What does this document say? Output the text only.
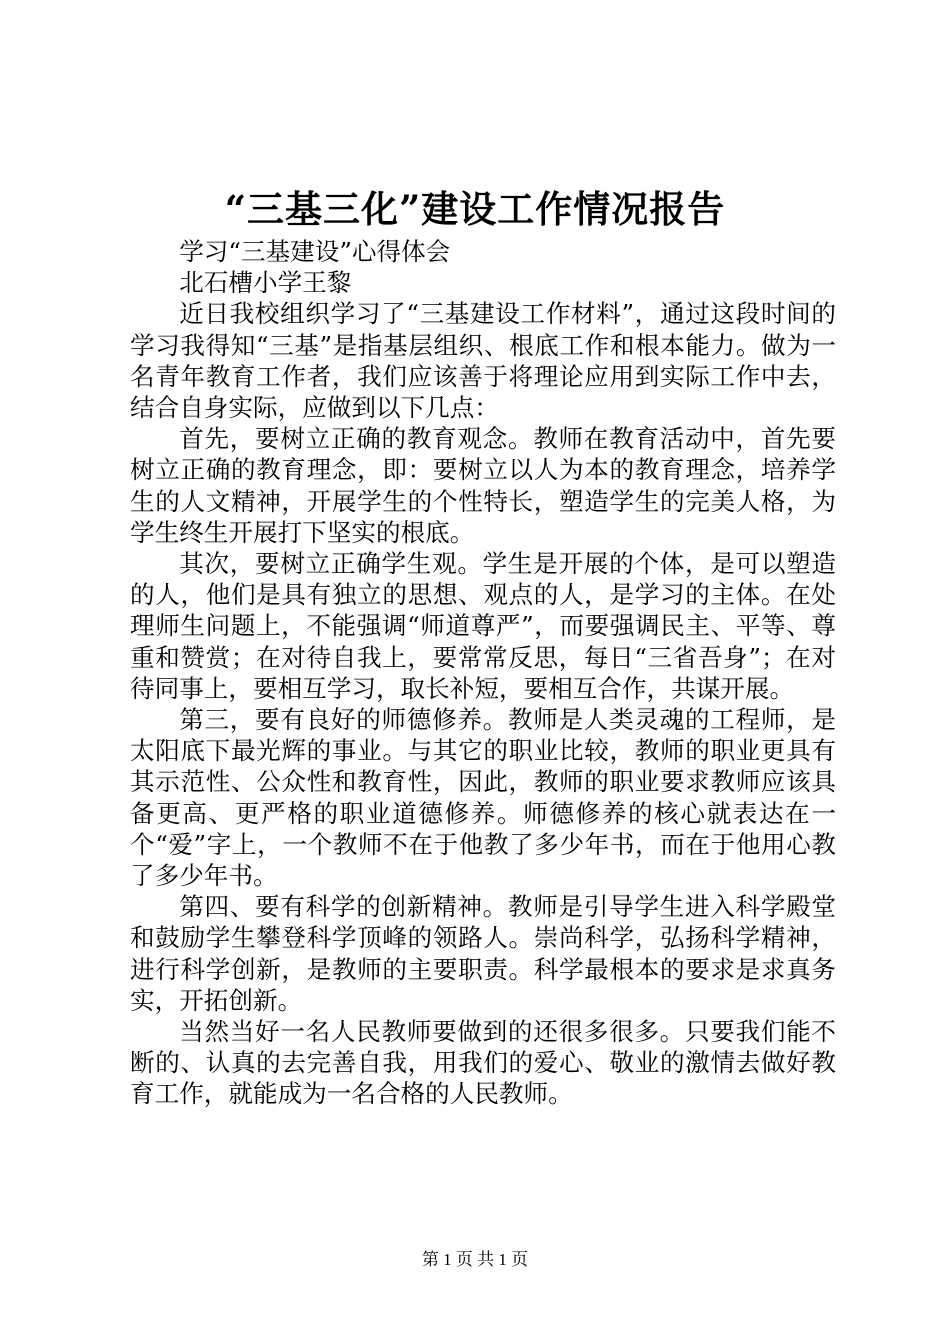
“三基三化”建设工作情况报告

学习“三基建设”心得体会

北石槽小学王黎

近日我校组织学习了“三基建设工作材料”，通过这段时间的学习我得知“三基”是指基层组织、根底工作和根本能力。做为一名青年教育工作者，我们应该善于将理论应用到实际工作中去，结合自身实际，应做到以下几点：

首先，要树立正确的教育观念。教师在教育活动中，首先要树立正确的教育理念，即：要树立以人为本的教育理念，培养学生的人文精神，开展学生的个性特长，塑造学生的完美人格，为学生终生开展打下坚实的根底。

其次，要树立正确学生观。学生是开展的个体，是可以塑造的人，他们是具有独立的思想、观点的人，是学习的主体。在处理师生问题上，不能强调“师道尊严”，而要强调民主、平等、尊重和赞赏；在对待自我上，要常常反思，每日“三省吾身”；在对待同事上，要相互学习，取长补短，要相互合作，共谋开展。

第三，要有良好的师德修养。教师是人类灵魂的工程师，是太阳底下最光辉的事业。与其它的职业比较，教师的职业更具有其示范性、公众性和教育性，因此，教师的职业要求教师应该具备更高、更严格的职业道德修养。师德修养的核心就表达在一个“爱”字上，一个教师不在于他教了多少年书，而在于他用心教了多少年书。

第四、要有科学的创新精神。教师是引导学生进入科学殿堂和鼓励学生攀登科学顶峰的领路人。崇尚科学，弘扬科学精神，进行科学创新，是教师的主要职责。科学最根本的要求是求真务实，开拓创新。

当然当好一名人民教师要做到的还很多很多。只要我们能不断的、认真的去完善自我，用我们的爱心、敬业的激情去做好教育工作，就能成为一名合格的人民教师。

第 1 页 共 1 页
